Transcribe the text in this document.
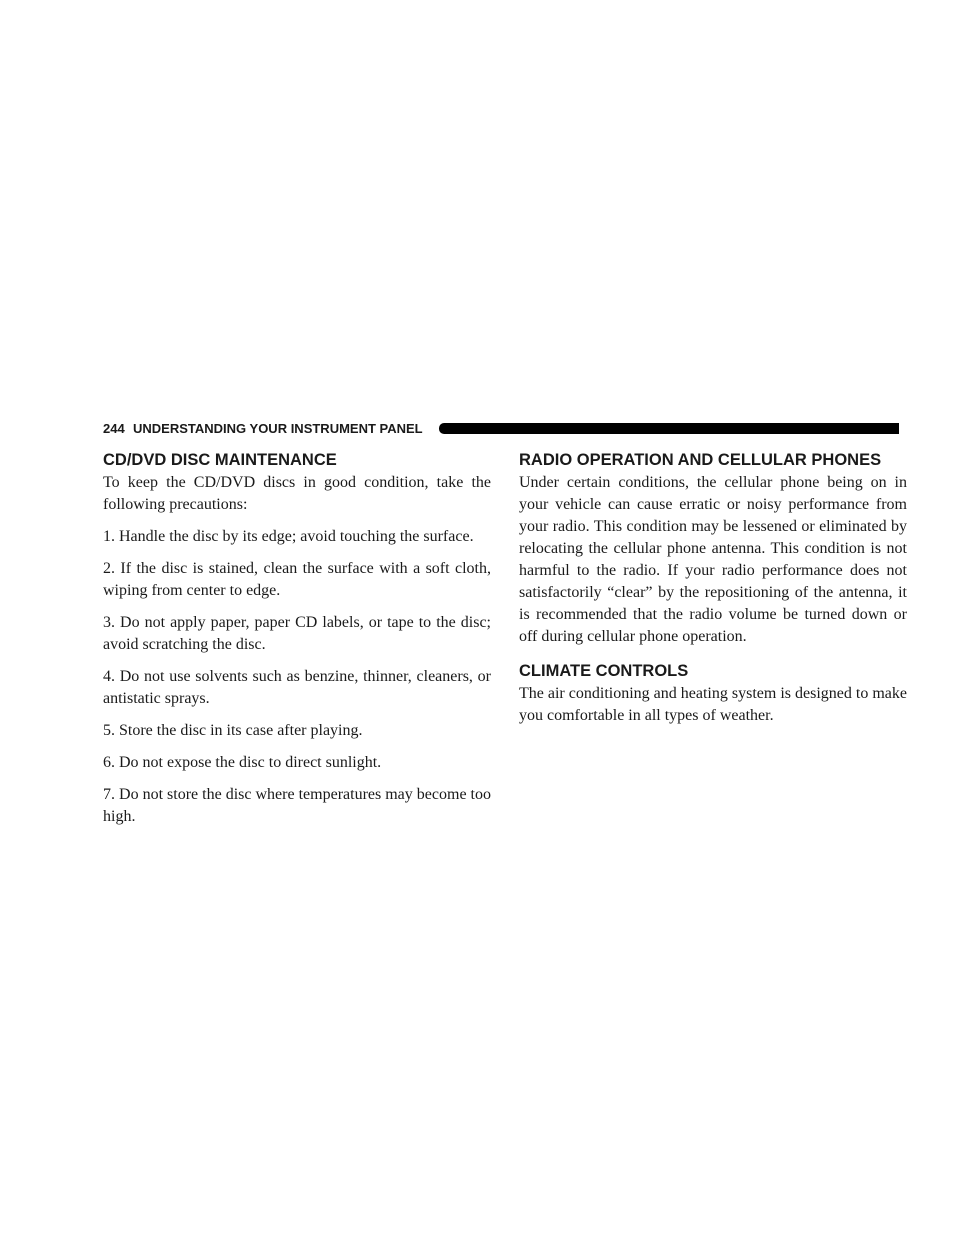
244 UNDERSTANDING YOUR INSTRUMENT PANEL
CD/DVD DISC MAINTENANCE

To keep the CD/DVD discs in good condition, take the following precautions:

1. Handle the disc by its edge; avoid touching the surface.

2. If the disc is stained, clean the surface with a soft cloth, wiping from center to edge.

3. Do not apply paper, paper CD labels, or tape to the disc; avoid scratching the disc.

4. Do not use solvents such as benzine, thinner, cleaners, or antistatic sprays.

5. Store the disc in its case after playing.

6. Do not expose the disc to direct sunlight.

7. Do not store the disc where temperatures may become too high.

RADIO OPERATION AND CELLULAR PHONES

Under certain conditions, the cellular phone being on in your vehicle can cause erratic or noisy performance from your radio. This condition may be lessened or eliminated by relocating the cellular phone antenna. This condition is not harmful to the radio. If your radio performance does not satisfactorily “clear” by the repositioning of the antenna, it is recommended that the radio volume be turned down or off during cellular phone operation.

CLIMATE CONTROLS

The air conditioning and heating system is designed to make you comfortable in all types of weather.
